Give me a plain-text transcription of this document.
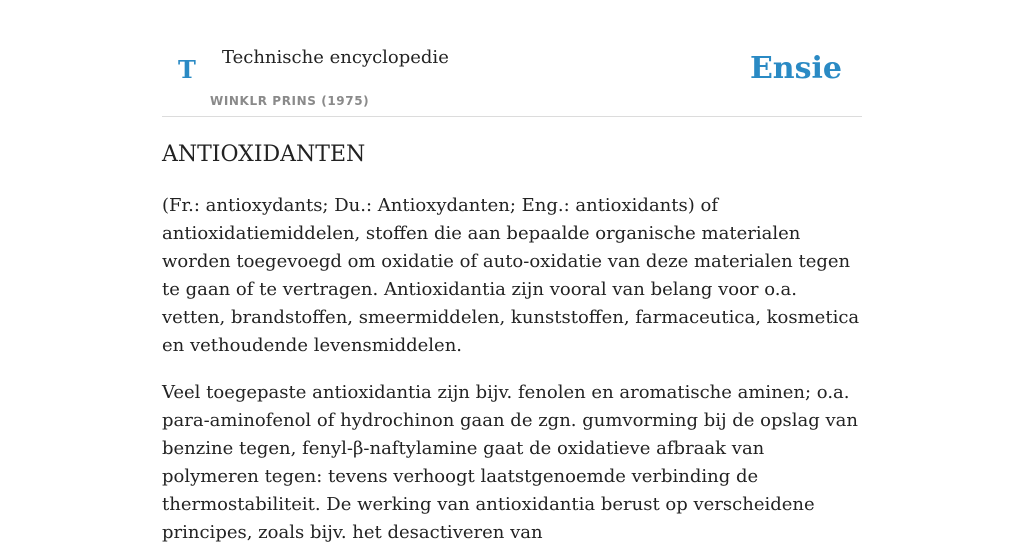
T Technische encyclopedie
WINKLR PRINS (1975)
Ensie
ANTIOXIDANTEN

(Fr.: antioxydants; Du.: Antioxydanten; Eng.: antioxidants) of antioxidatiemiddelen, stoffen die aan bepaalde organische materialen worden toegevoegd om oxidatie of auto-oxidatie van deze materialen tegen te gaan of te vertragen. Antioxidantia zijn vooral van belang voor o.a. vetten, brandstoffen, smeermiddelen, kunststoffen, farmaceutica, kosmetica en vethoudende levensmiddelen.

Veel toegepaste antioxidantia zijn bijv. fenolen en aromatische aminen; o.a. para-aminofenol of hydrochinon gaan de zgn. gumvorming bij de opslag van benzine tegen, fenyl-β-naftylamine gaat de oxidatieve afbraak van polymeren tegen: tevens verhoogt laatstgenoemde verbinding de thermostabiliteit. De werking van antioxidantia berust op verscheidene principes, zoals bijv. het desactiveren van
